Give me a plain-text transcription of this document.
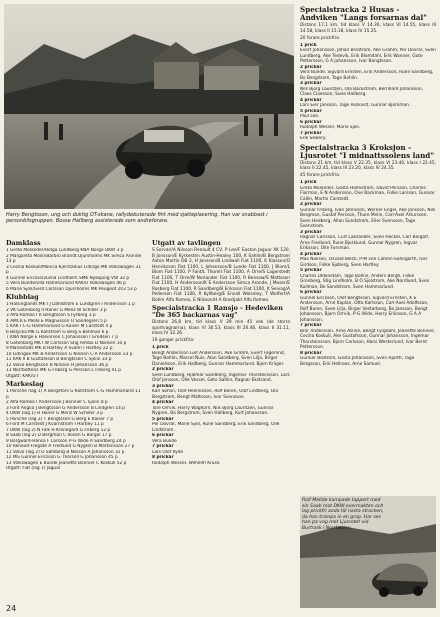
Harry Bengtsson, ung och duktig OT-skane, rallydebuterade fint med sjatteplacering. Han var snabbast i personbilsgruppen. Bosse Hallberg assisterade som andreforare.

Damklass
1 Greta Molander/Helga Lundberg KNA Norge DKW 3 p
2 Margareta Molin/Barbro Brandt Djursholms MK Simca Aronde 13 p
3 Cecilia Koskull/Monica Kjerstadius Lidingo MK Volkswagen 31 p
4 Gunnel Ericsson/Lena Lindholm SMK Nykoping VW 32 p
5 Vera Bunde/Ulla Hammarlund KAK/U Volkswagen 46 p
6 Marie Sjoli/Gerd Carlsson Djursholms MK Peugeot 203 53 p
Klubblag
1 Halsinglands MK I J Dahlstrom E Lundgren I Andersson 1 p
2 VK Gotenborg II Haner G Menz W Schiller 3 p
3 Alfa-Romeo I R Bengtsson S Fyrberg 3 p
4 AMCR E Mello E Magnusson O Sandegren 5 p
5 KAK I C-G Hammarlund G Kaiser M Carstedt 4 p
6 Bolycka MK G Kallstrom G Berg S Bohman 6 p
7 KNA Norge E Halvorsen C Johansson I Gredsen 7 p
8 Gotenborg MK I W Carlsson Stig Almbo D Nielsen 10 p
9 Mariestads MK B Hartley A Svahn I Hartley 22 p
10 Lidingoe MK B Andersson G Nilsson C-A Andersson 23 p
11 KAK II B Gustafsson B Bengtsson C Sjolin 33 p
12 Volvo Bengtsson B Nilsson H Johansson 36 p
13 Norrbottens MK G Friberg G Persson L Friberg 41 p
Utgatt: KAK/U I
Markeslag
1 Porsche (lag 1) A Borgefors G Kallstrom C-G Hammarlund 11 p
2 Alfa-Romeo I Andersson J Bonnier C Sjolin 8 p
3 Ford Anglia J Bengtsson G Andersson B Lindgren 14 p
4 DKW (lag 1) H Haner G Menz W Schiller 3 p
5 Porsche (lag 2) T Bengtsson G Berg E Kaiser 7 p
6 Ford M Carstedt J Kvarnstrom I Hartley 11 p
7 DKW (lag 2) N Falk H Kronegard G Friberg 12 p
8 Saab (lag 2) D Bergman C Rosen G Borgel 17 p
9 Borgward-Hansa F Larsson P-G Wide A Sandberg 24 p
10 Renault-Fregate A Fredlund G Nygren B Martensson 27 p
11 Volvo (lag 2) O Sahlberg B Nilsson A Johansson 31 p
12 MG Gunnel Ericsson G Thorsell G Johansson 45 p
13 Volkswagen E Bunde Jeanette Bonnier C Koskull 52 p
Utgatt: Fiat (lag 1) Jaguar
Utgatt av tavlingen

S Sorvari/A Nilsson Renault 4 CV, P Lee/F Easton Jaguar XK 120, B Jonsson/E Kyrkesten Austin-Healey 100, K Sahlin/B Bergstrom Aston Martin DB 2, H Jonsson/B Lindwall Fiat 1100, K Klasson/O Henriksson Fiat 1100, L Johansson/B Lunde Fiat 1100, J Blom/L Blom Fiat 1100, P Fant/L Thorell Fiat 1100, A Orre/S Lagerstedt Fiat 1100, T Orre/W Norlander Fiat 1100, R Bensow/S Mattsson Fiat 1100, H Andersson/K E Andersson Simca Aronde, J Moser/E Rosberg Fiat 1100, R Sandberg/B Eriksson Fiat 1100, K Seivag/A Pedersen Fiat 1100, R Kyllberg/E Envall Wolseley, T Wolfert/A Bohm Alfa Romeo, E Nilsson/H A Brostjakt Alfa Romeo.

Specialstracka 1 Ransjo - Hedeviken "De 365 backarnas vag"

Distans 26,8 km, tid klass V 29 min 45 sek (de storra sportvagnarna), klass VI 30.53, klass III 26.46, klass II 31.11, klass IV 32.26.

19 ganger prickfria:

1 prick
Bengt Andersson Leif Andersson, Ake Grahm, Evert Fagerlind, Tage Bohlin, Marcel Nuis, Alan Sandberg, Sven Lilja, Birger Danielsson, Erik Hallberg, Gunnar Hammarlund, Bjorn Kriiger.
2 prickar
Sven Lundberg, Hjalmar Sandberg, Ingemar Thorsteinsson, Lars Olof Jonsson, Olle Vessel, Gote Sahlin, Ragnar Ekstrand.
3 prickar
Karl Sohlin, Olof Henriksson, Rolf Boren, Olof Lindberg, Ola Bergstrom, Bengt Mattsson, Ivar Svensson.
4 prickar
Tore Orrvik, Harry Waghorn, Nils Bjorg Lauritzen, Gunnar Nygren, Bo Bergstrom, Sven Hallberg, Kurt Johansson.
5 prickar
Per Dovrar, Marie Sjoli, Rune Sandberg, Erik Sandberg, Olle Lindstrom.
6 prickar
Vera Bunde
7 prickar
Lars Olof Ryde
8 prickar
Rudolph Wessel, Wilhelm Kruse.
Specialstracka 2 Husas - Andviken "Langs forsarnas dal"

Distans 17,1 km, tid klass V 14.30, klass VI 14.55, klass III 14.58, klass II 15.18, klass IV 15.25.

20 forare prickfria.

1 prick
Evert Johansson, Johan Brostrom, Ake Grahm, Per Dovrar, Sven Lundberg, Ake Tedevik, Erik Blomdahl, Erik Wanner, Gote Pettersson, G A Johansson, Ivar Bengtsson.
2 prickar
Vera Bunde, Sigvard Ernsten, Erik Andersson, Rune Sandberg, Bo Bergstrom, Tage Bohlin.
3 prickar
Nils Bjorg Lauritzen, Ola Backstrom, Bernhard Johansson, Claes Claesson, Sune Hallberg.
4 prickar
Lars Eier Jansson, Tage Roskvist, Gunnar Bjorkman.
5 prickar
Paul Lee.
6 prickar
Rudolph Wessel, Marie Sjoli.
7 prickar
Erik Sewery.
Specialstracka 3 Kroksjon - Ljusrotet "I midnattssolens land"

Distans 21 km, tid klass V 22.35, klass VI 23.40, klass I 22.45, klass II 22.45, klass III 23.20, klass IV 24.35.

45 forare prickfria.

1 prick
Greta Molander, Gosta Holmstrom, David Persson, Charles Florman, E N Andersson, Ove Backman, Folke Larsson, Gunnar Callin, Martin Carstedt.
2 prickar
Gunnar Friberg, Ivan Johnsson, Werner Engel, Ake Jonsson, Nils Bergman, Gustaf Persson, Thure Melin, Carl-Axel Arturssen, Sven Hedberg, Allan Sundstrom, Eiler Svensson, Tage Svenstrom.
3 prickar
Ragnar Carlsson, Curt Laksander, Sven Hackel, Carl Bergolf, Arne Fredlund, Rune Bjorklund, Gunnar Nygren, Ingvar Eriksson, Olle Forsman.
4 prickar
Max Nielsen, Osvald Bleck, P-M von Cahlen-Sahngarth, Ivar Girdson, Folke Sjoberg, Sven Hartley.
5 prickar
Charles Oldenstam, Tage Bohlin, Anders Bergh, Folke Gronberg, Stig Lindholm, B O Sjolstrom, Ake Nordlund, Sven Kullman, Bo Sandstrom, Sven Hammarlund.
6 prickar
Gunnel Ericsson, Olof Bengtsson, Sigvard Ernsten, K E Andersson, Arne Kaplan, Otto Karlsson, Carl-Axel Adolfsson, Rolf Boren, Sven Lilja, Birger Vestarberg, Bo Jansson, Bengt Johansson, Bjorn Orrvik, P-G Wide, Harry Eriksson, G A A Johansson.
7 prickar
Bror Andersson, Arne Asline, Bengt Fyrgdahl, Jeanette Bonnier, Cecilia Koskull, Ake Gustafsson, Gunnar Johansson, Ingemar Thorsteinsson, Bjorn Carlsson, Hans Westerlund, Ivar Bernt Pettersson.
8 prickar
Gunnar Bostrom, Gosta Johansson, Sven Hjorth, Tage Bergsson, Erik Hellroos, Arne Samuel.

Rolf Mellde kampade tappert med sin Saab mot DKW-overmakten och lag prickfri anda till nasta stracken, da hon trampa in en grop. Har ses han pa vag mot Ljusrotet vid Burtrask i Norrbotten.

24
